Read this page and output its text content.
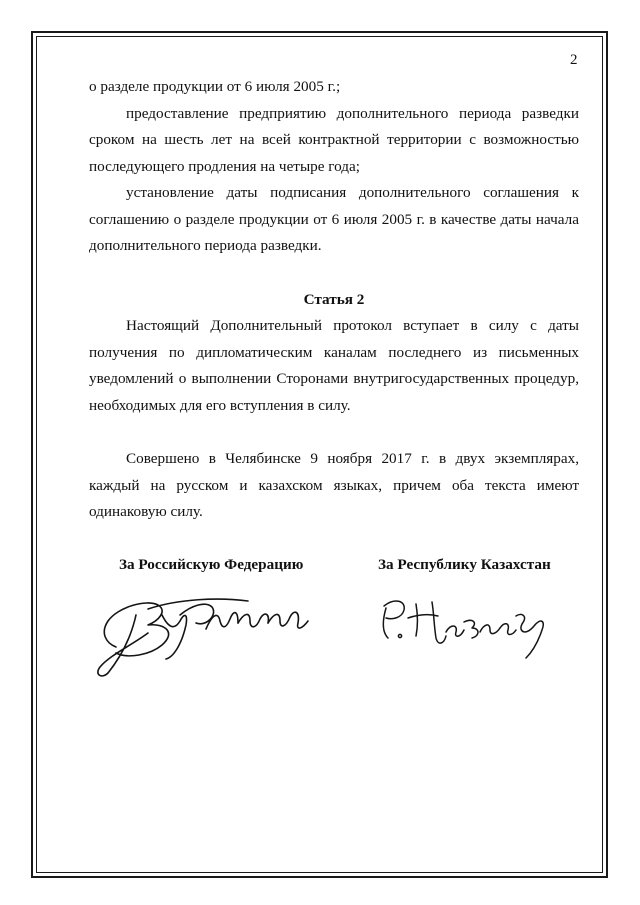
2

о разделе продукции от 6 июля 2005 г.;

предоставление предприятию дополнительного периода разведки сроком на шесть лет на всей контрактной территории с возможностью последующего продления на четыре года;

установление даты подписания дополнительного соглашения к соглашению о разделе продукции от 6 июля 2005 г. в качестве даты начала дополнительного периода разведки.

Статья 2

Настоящий Дополнительный протокол вступает в силу с даты получения по дипломатическим каналам последнего из письменных уведомлений о выполнении Сторонами внутригосударственных процедур, необходимых для его вступления в силу.

Совершено в Челябинске 9 ноября 2017 г. в двух экземплярах, каждый на русском и казахском языках, причем оба текста имеют одинаковую силу.

За Российскую Федерацию	За Республику Казахстан
